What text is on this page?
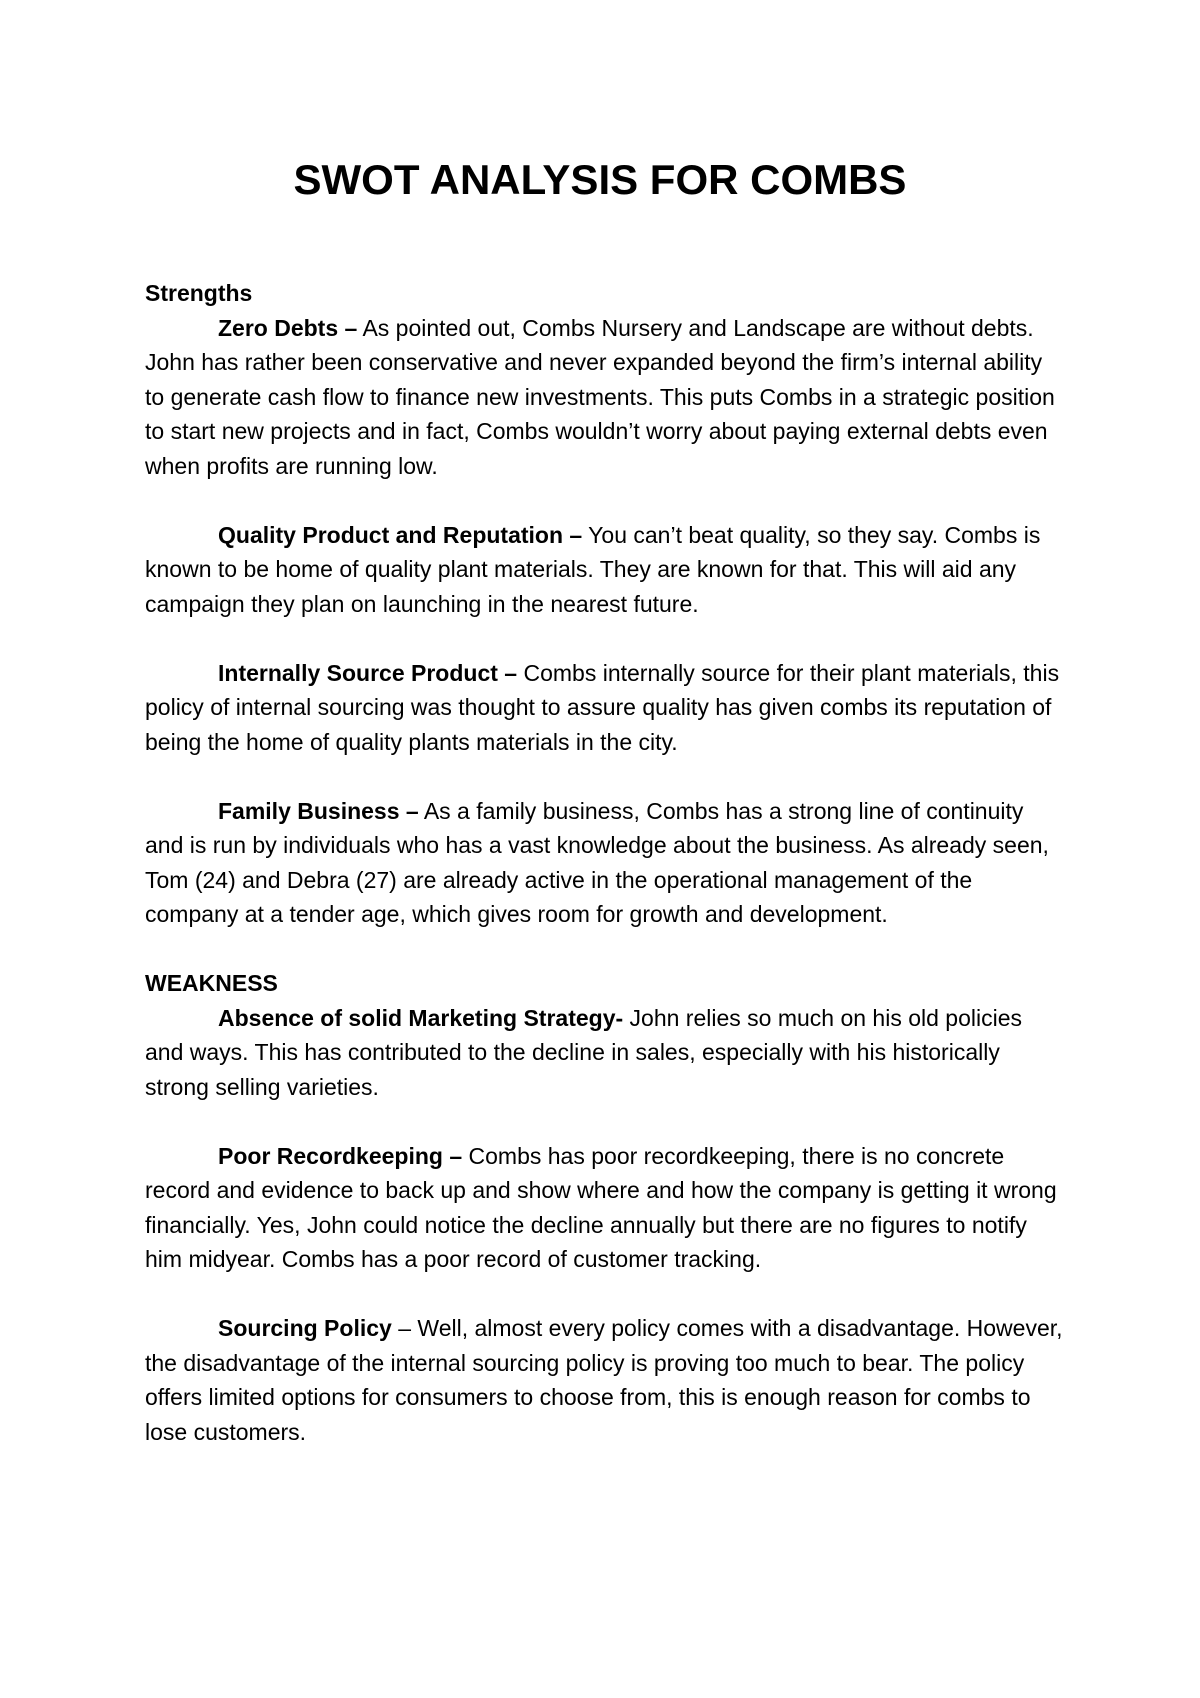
SWOT ANALYSIS FOR COMBS

Strengths

Zero Debts – As pointed out, Combs Nursery and Landscape are without debts. John has rather been conservative and never expanded beyond the firm’s internal ability to generate cash flow to finance new investments. This puts Combs in a strategic position to start new projects and in fact, Combs wouldn’t worry about paying external debts even when profits are running low.

Quality Product and Reputation – You can’t beat quality, so they say. Combs is known to be home of quality plant materials. They are known for that. This will aid any campaign they plan on launching in the nearest future.

Internally Source Product – Combs internally source for their plant materials, this policy of internal sourcing was thought to assure quality has given combs its reputation of being the home of quality plants materials in the city.

Family Business – As a family business, Combs has a strong line of continuity and is run by individuals who has a vast knowledge about the business. As already seen, Tom (24) and Debra (27) are already active in the operational management of the company at a tender age, which gives room for growth and development.

WEAKNESS

Absence of solid Marketing Strategy- John relies so much on his old policies and ways. This has contributed to the decline in sales, especially with his historically strong selling varieties.

Poor Recordkeeping – Combs has poor recordkeeping, there is no concrete record and evidence to back up and show where and how the company is getting it wrong financially. Yes, John could notice the decline annually but there are no figures to notify him midyear. Combs has a poor record of customer tracking.

Sourcing Policy – Well, almost every policy comes with a disadvantage. However, the disadvantage of the internal sourcing policy is proving too much to bear. The policy offers limited options for consumers to choose from, this is enough reason for combs to lose customers.
